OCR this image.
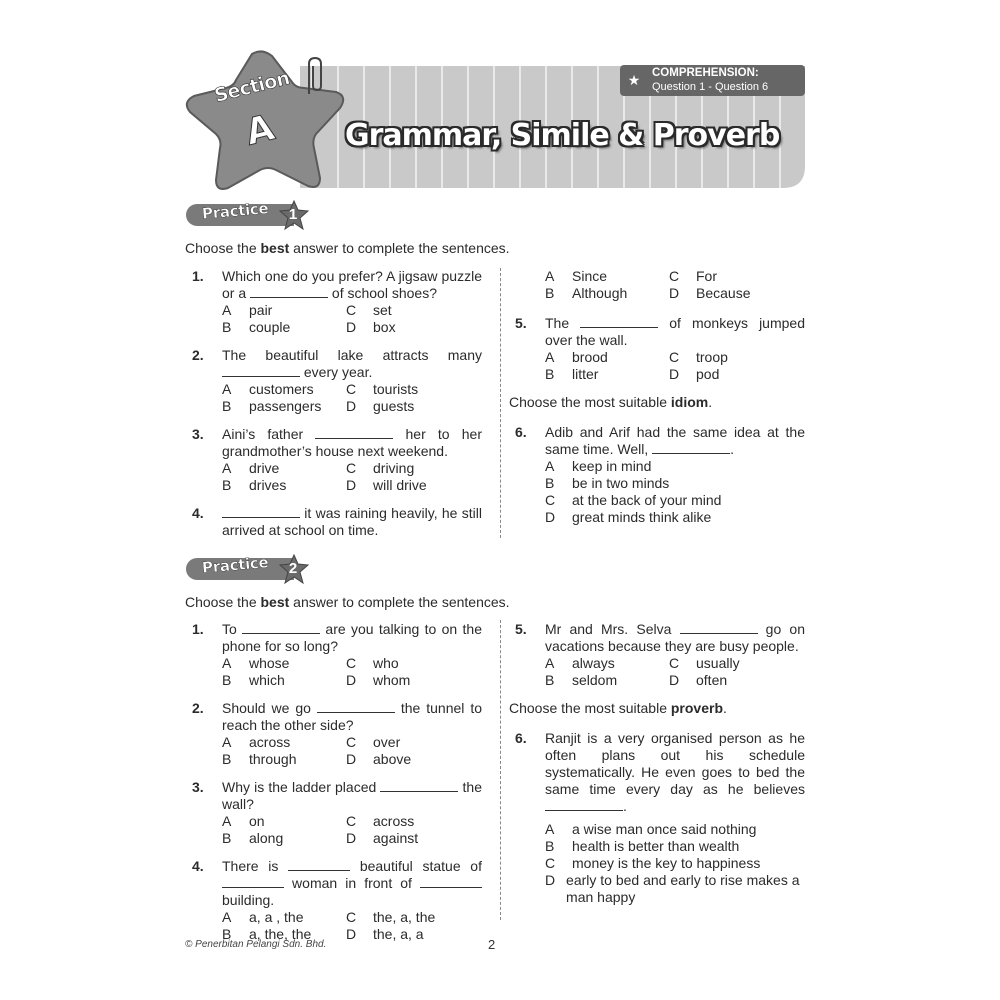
Section
A Grammar, Simile & Proverb
★ COMPREHENSION:
Question 1 - Question 6
Practice	1
Choose the best answer to complete the sentences.
1. Which one do you prefer? A jigsaw puzzle or a	of school shoes?
A	pair	C	set
B	couple	D	box
2. The beautiful lake attracts many  every year.
A	customers C	tourists
B	passengers D	guests
3. Aini’s father	her to her grandmother’s house next weekend.
A	drive	C	driving
B	drives	D	will drive
4.	it was raining heavily, he still arrived at school on time.
A	Since	C	For
B	Although	D	Because
5. The	of monkeys jumped over the wall.
A	brood	C	troop
B	litter	D	pod
Choose the most suitable idiom.
6. Adib and Arif had the same idea at the same time. Well,	.
A	keep in mind
B	be in two minds
C	at the back of your mind
D	great minds think alike
Practice	2
Choose the best answer to complete the sentences.
1. To	are you talking to on the phone for so long?
A	whose	C	who
B	which	D	whom
2. Should we go	the tunnel to reach the other side?
A	across	C	over
B	through	D	above
3. Why is the ladder placed	the wall?
A	on	C	across
B	along	D	against
4. There is	beautiful statue of  woman in front of  building.
A	a, a , the	C	the, a, the
B	a, the, the D	the, a, a
5. Mr and Mrs. Selva	go on vacations because they are busy people.
A	always	C	usually
B	seldom	D	often
Choose the most suitable proverb.
6. Ranjit is a very organised person as he often plans out his schedule systematically. He even goes to bed the same time every day as he believes .
A	a wise man once said nothing
B	health is better than wealth
C	money is the key to happiness
D early to bed and early to rise makes a man happy
© Penerbitan Pelangi Sdn. Bhd.	2
